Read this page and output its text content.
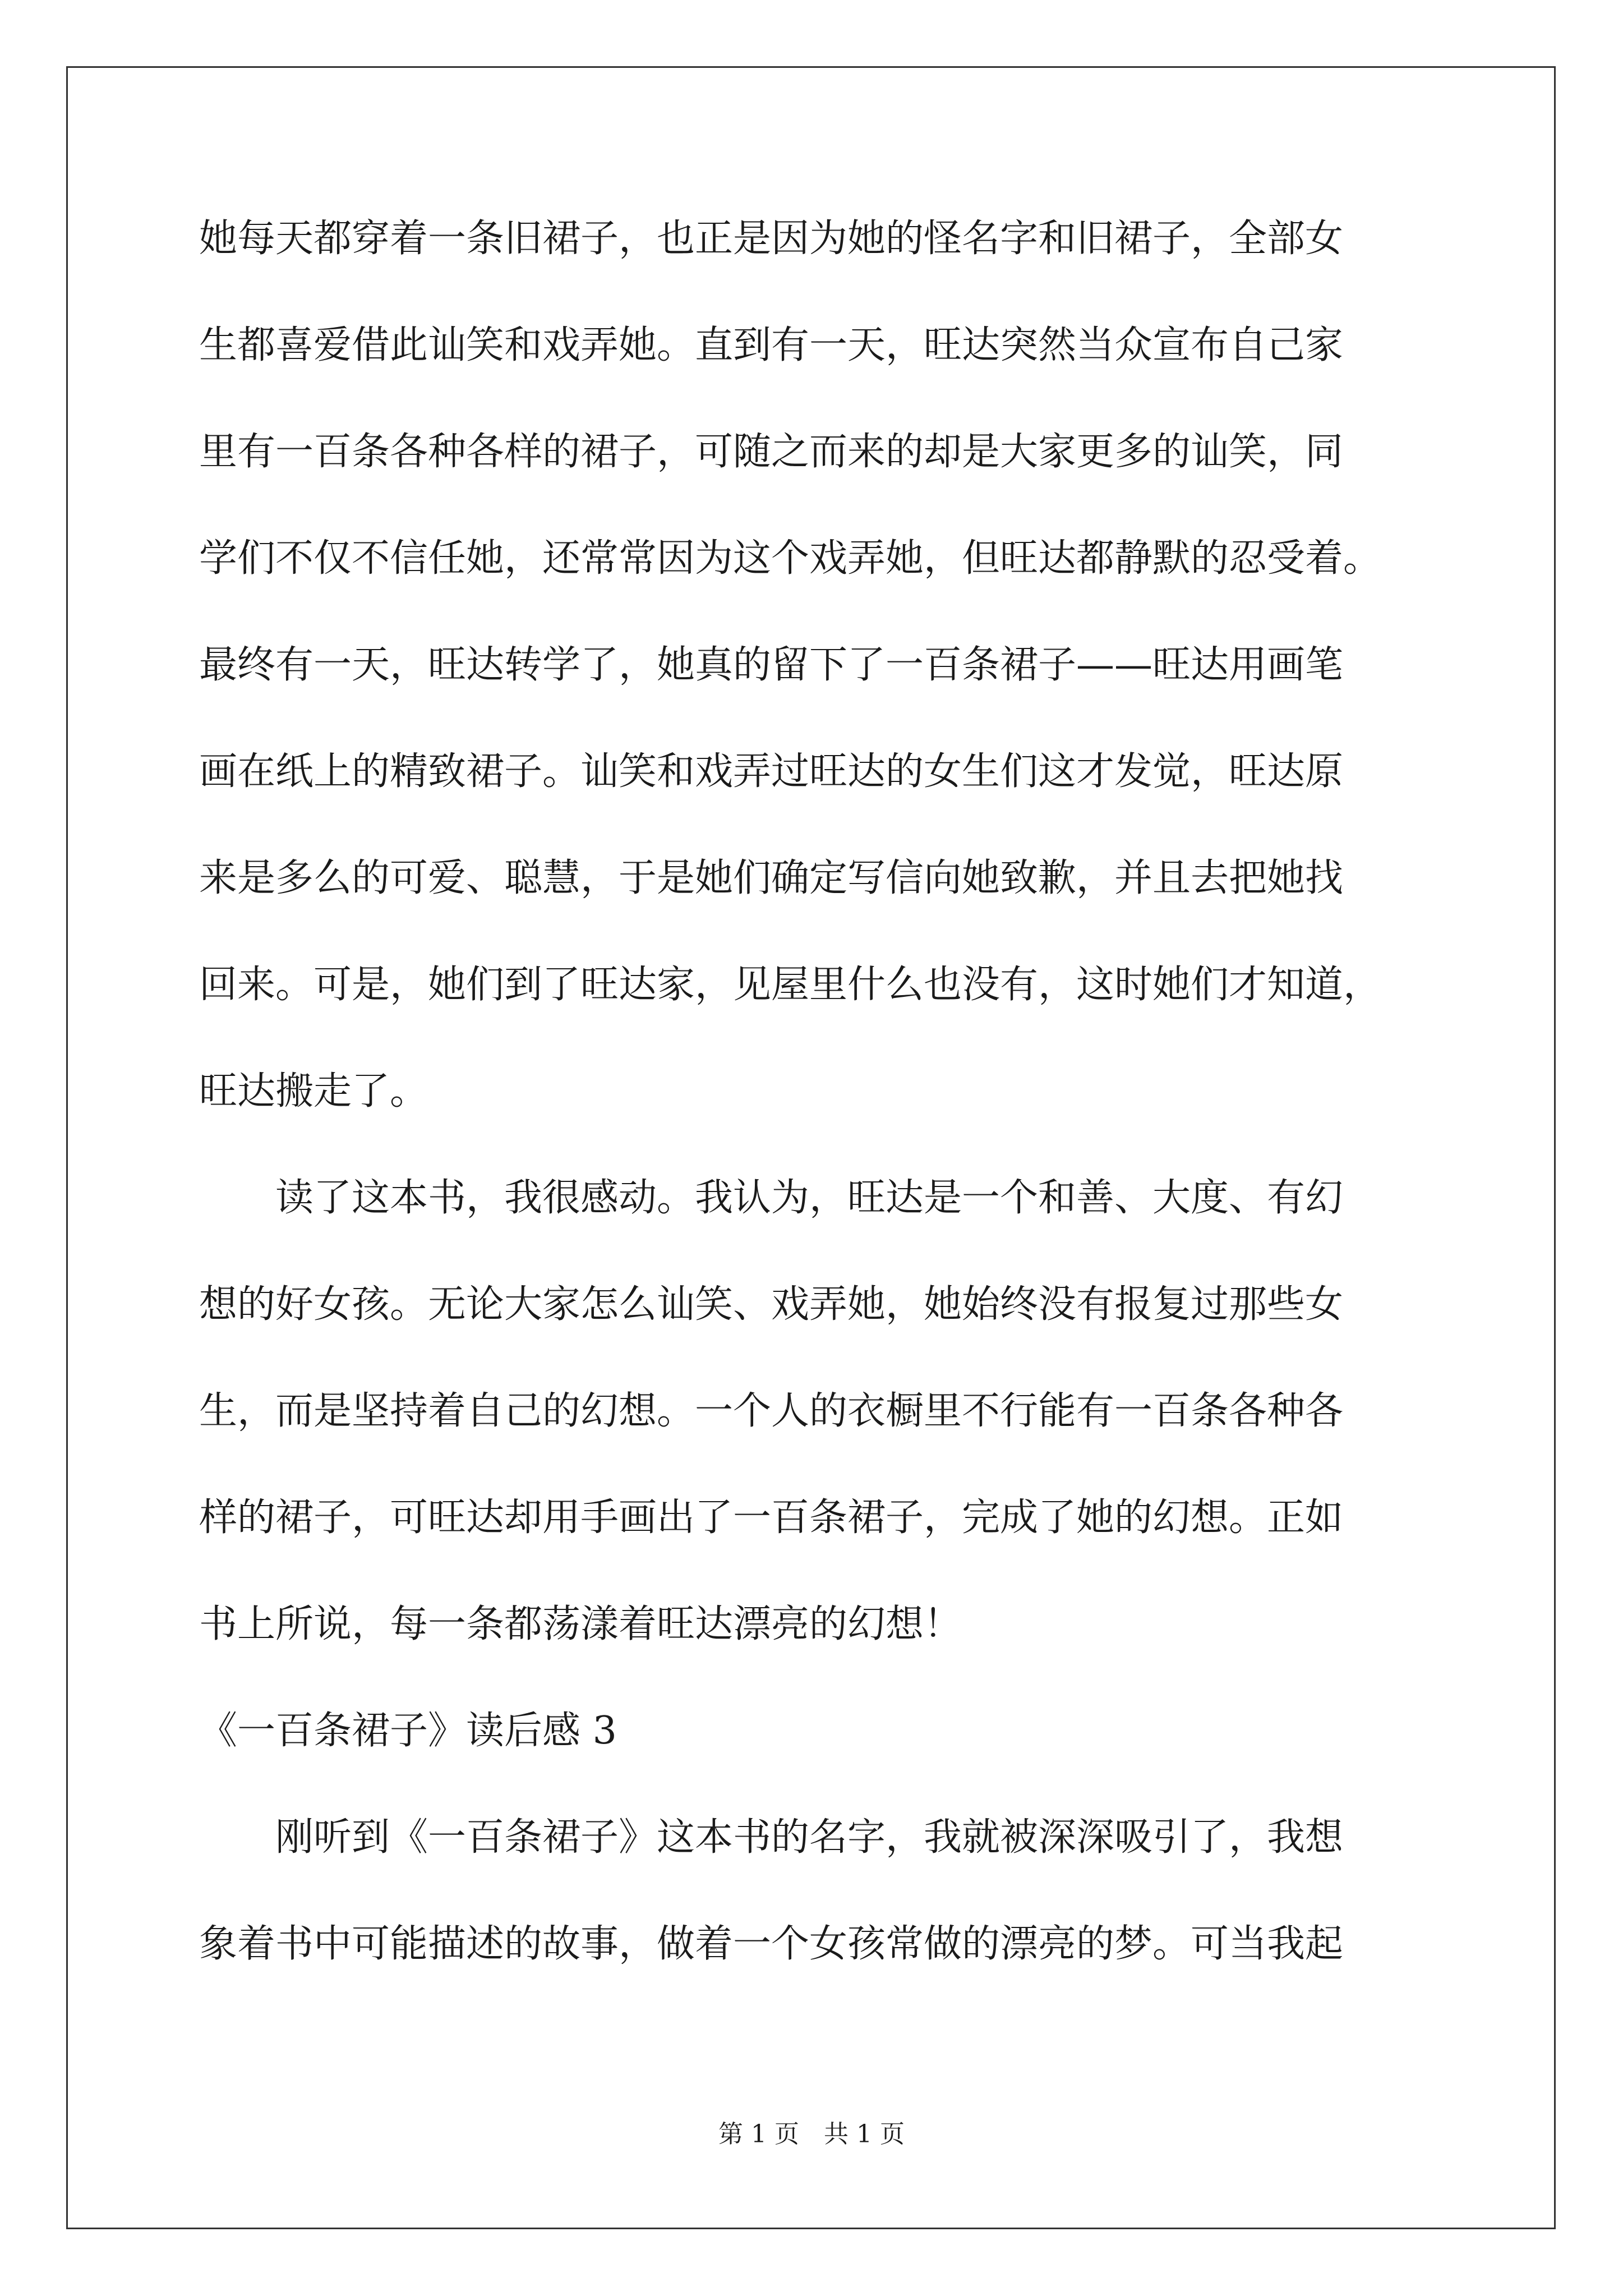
她每天都穿着一条旧裙子，也正是因为她的怪名字和旧裙子，全部女
生都喜爱借此讪笑和戏弄她。直到有一天，旺达突然当众宣布自己家
里有一百条各种各样的裙子，可随之而来的却是大家更多的讪笑，同
学们不仅不信任她，还常常因为这个戏弄她，但旺达都静默的忍受着。
最终有一天，旺达转学了，她真的留下了一百条裙子——旺达用画笔
画在纸上的精致裙子。讪笑和戏弄过旺达的女生们这才发觉，旺达原
来是多么的可爱、聪慧，于是她们确定写信向她致歉，并且去把她找
回来。可是，她们到了旺达家，见屋里什么也没有，这时她们才知道，
旺达搬走了。
读了这本书，我很感动。我认为，旺达是一个和善、大度、有幻
想的好女孩。无论大家怎么讪笑、戏弄她，她始终没有报复过那些女
生，而是坚持着自己的幻想。一个人的衣橱里不行能有一百条各种各
样的裙子，可旺达却用手画出了一百条裙子，完成了她的幻想。正如
书上所说，每一条都荡漾着旺达漂亮的幻想！
《一百条裙子》读后感 3
刚听到《一百条裙子》这本书的名字，我就被深深吸引了，我想
象着书中可能描述的故事，做着一个女孩常做的漂亮的梦。可当我起
第 1 页　共 1 页
